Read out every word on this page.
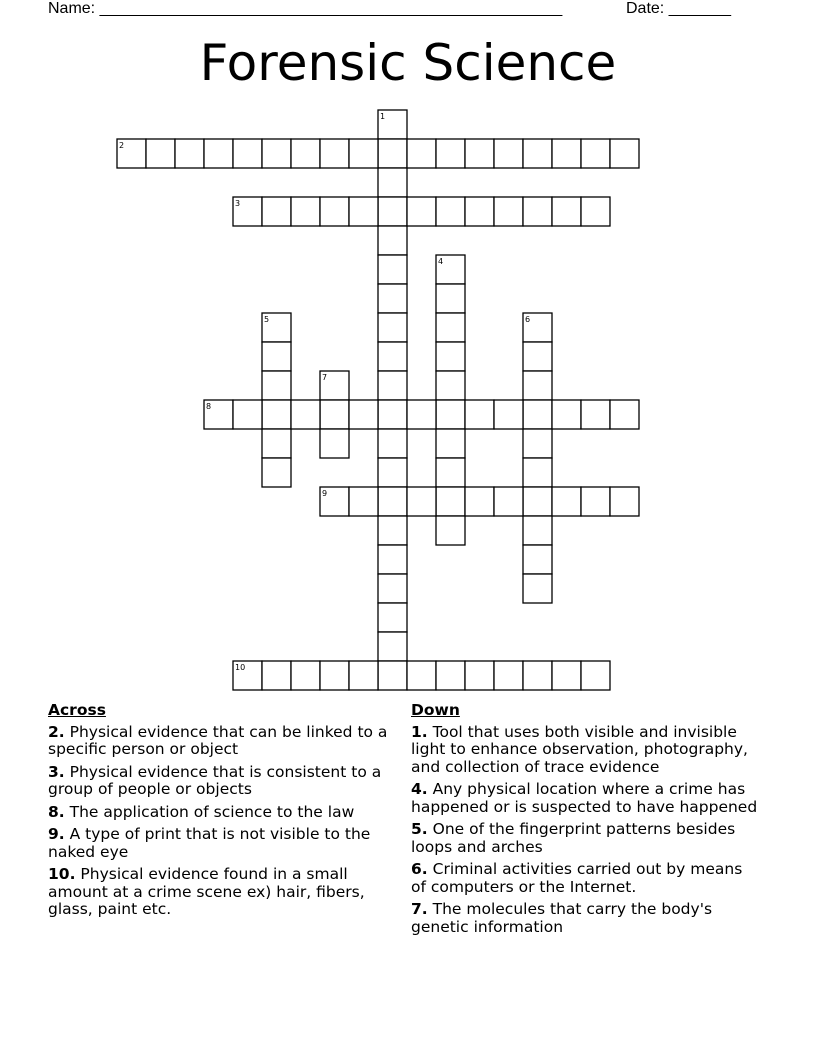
Name: ____________________________________________________	Date: _______
Forensic Science
1
2
3
4
5	6
7
8
9
10
Across
2. Physical evidence that can be linked to a specific person or object
3. Physical evidence that is consistent to a group of people or objects
8. The application of science to the law
9. A type of print that is not visible to the naked eye
10. Physical evidence found in a small amount at a crime scene ex) hair, fibers, glass, paint etc.
Down
1. Tool that uses both visible and invisible light to enhance observation, photography, and collection of trace evidence
4. Any physical location where a crime has happened or is suspected to have happened
5. One of the fingerprint patterns besides loops and arches
6. Criminal activities carried out by means of computers or the Internet.
7. The molecules that carry the body's genetic information
